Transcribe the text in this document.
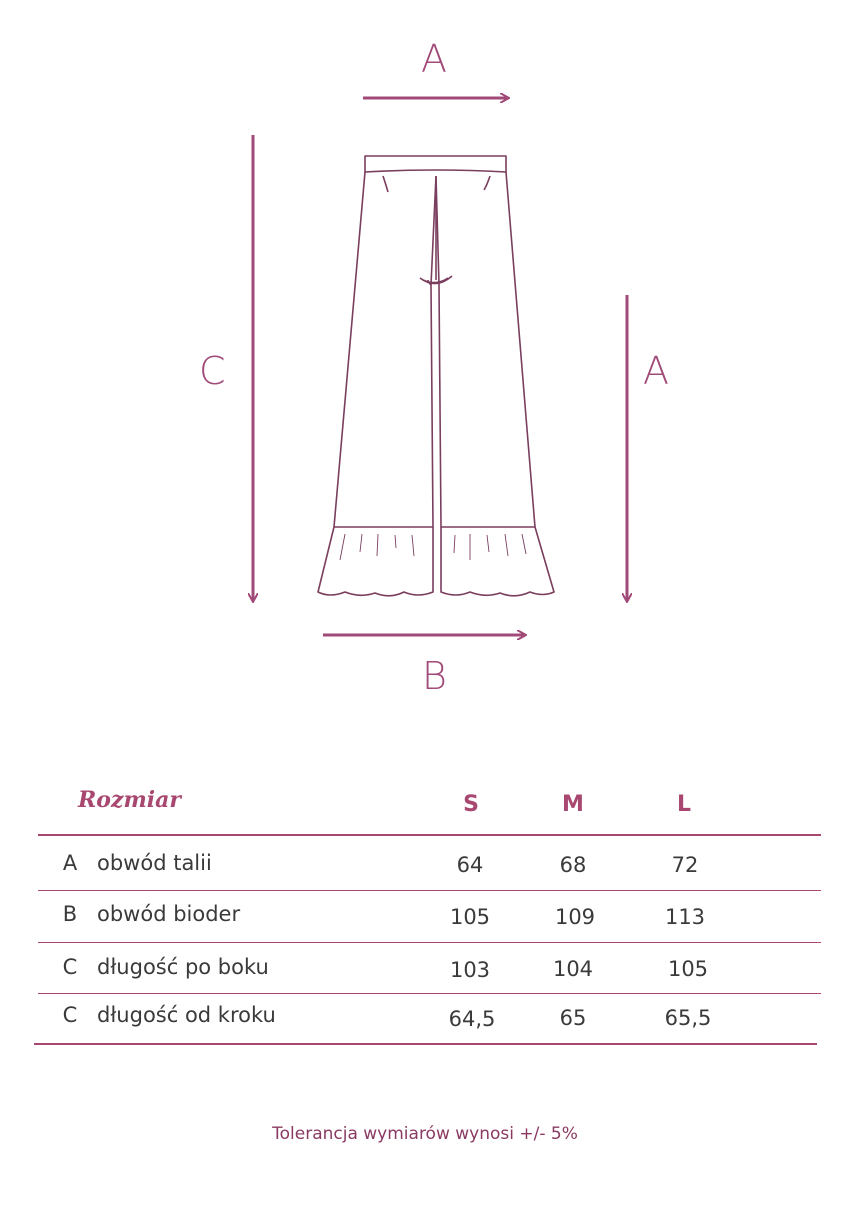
A
C	A
B
Rozmiar	S	M	L
A obwód talii	64	68	72
B obwód bioder	105	109	113
C długość po boku	103	104	105
C długość od kroku	64,5	65	65,5
Tolerancja wymiarów wynosi +/- 5%
